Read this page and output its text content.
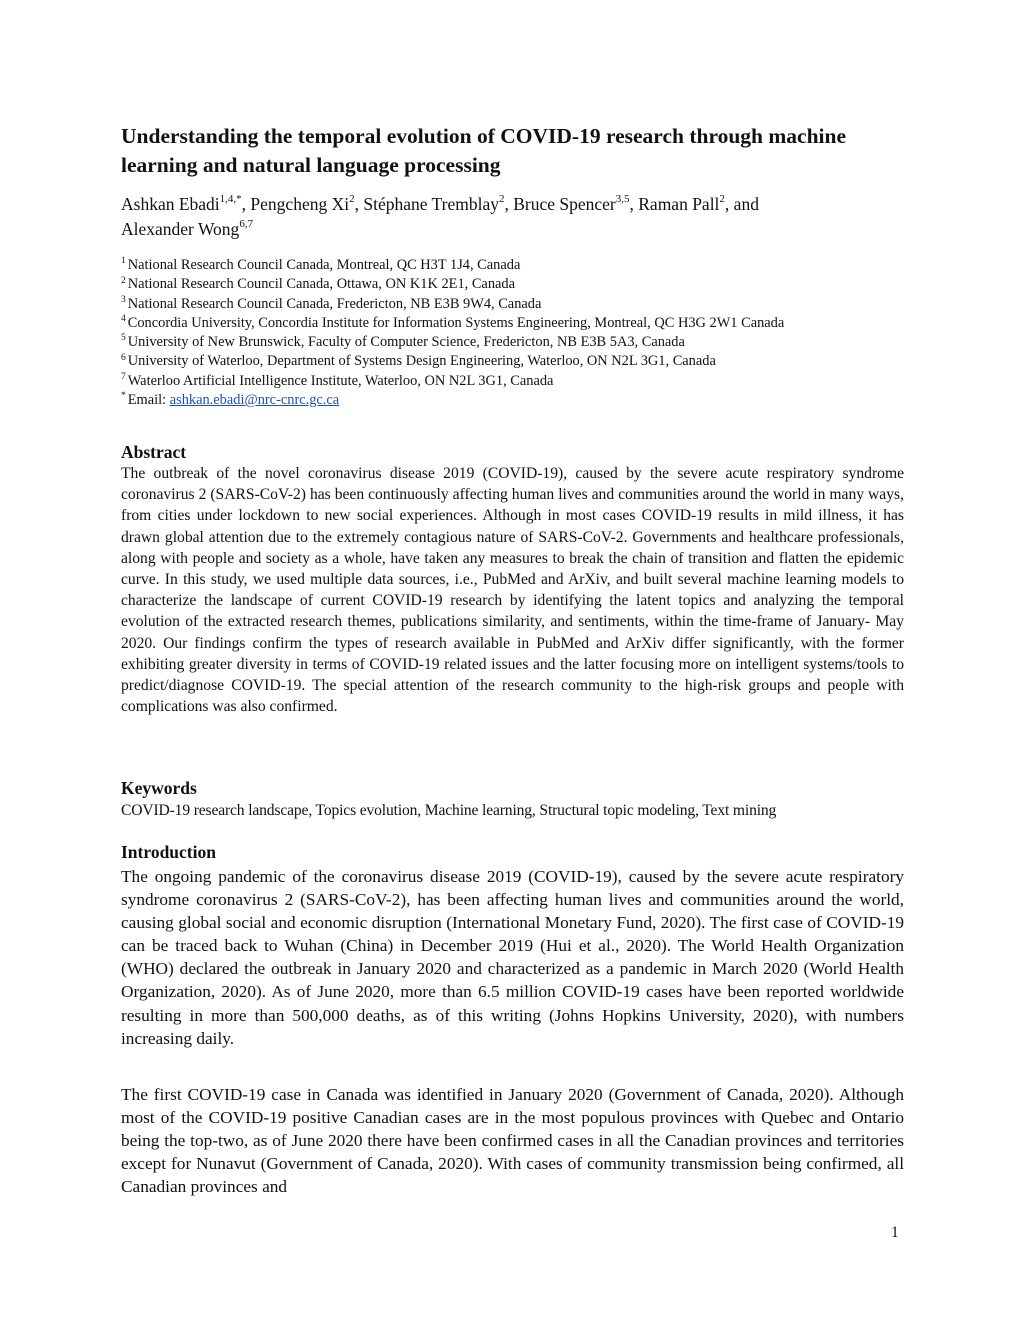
Understanding the temporal evolution of COVID-19 research through machine learning and natural language processing

Ashkan Ebadi$^{1,4,*}$, Pengcheng Xi$^2$, Stéphane Tremblay$^2$, Bruce Spencer$^{3,5}$, Raman Pall$^2$, and
Alexander Wong$^{6,7}$

$^1$ National Research Council Canada, Montreal, QC H3T 1J4, Canada
$^2$ National Research Council Canada, Ottawa, ON K1K 2E1, Canada
$^3$ National Research Council Canada, Fredericton, NB E3B 9W4, Canada
$^4$ Concordia University, Concordia Institute for Information Systems Engineering, Montreal, QC H3G 2W1 Canada
$^5$ University of New Brunswick, Faculty of Computer Science, Fredericton, NB E3B 5A3, Canada
$^6$ University of Waterloo, Department of Systems Design Engineering, Waterloo, ON N2L 3G1, Canada
$^7$ Waterloo Artificial Intelligence Institute, Waterloo, ON N2L 3G1, Canada
* Email: ashkan.ebadi@nrc-cnrc.gc.ca
Abstract

The outbreak of the novel coronavirus disease 2019 (COVID-19), caused by the severe acute respiratory syndrome coronavirus 2 (SARS-CoV-2) has been continuously affecting human lives and communities around the world in many ways, from cities under lockdown to new social experiences. Although in most cases COVID-19 results in mild illness, it has drawn global attention due to the extremely contagious nature of SARS-CoV-2. Governments and healthcare professionals, along with people and society as a whole, have taken any measures to break the chain of transition and flatten the epidemic curve. In this study, we used multiple data sources, i.e., PubMed and ArXiv, and built several machine learning models to characterize the landscape of current COVID-19 research by identifying the latent topics and analyzing the temporal evolution of the extracted research themes, publications similarity, and sentiments, within the time-frame of January- May 2020. Our findings confirm the types of research available in PubMed and ArXiv differ significantly, with the former exhibiting greater diversity in terms of COVID-19 related issues and the latter focusing more on intelligent systems/tools to predict/diagnose COVID-19. The special attention of the research community to the high-risk groups and people with complications was also confirmed.

Keywords

COVID-19 research landscape, Topics evolution, Machine learning, Structural topic modeling, Text mining

Introduction

The ongoing pandemic of the coronavirus disease 2019 (COVID-19), caused by the severe acute respiratory syndrome coronavirus 2 (SARS-CoV-2), has been affecting human lives and communities around the world, causing global social and economic disruption (International Monetary Fund, 2020). The first case of COVID-19 can be traced back to Wuhan (China) in December 2019 (Hui et al., 2020). The World Health Organization (WHO) declared the outbreak in January 2020 and characterized as a pandemic in March 2020 (World Health Organization, 2020). As of June 2020, more than 6.5 million COVID-19 cases have been reported worldwide resulting in more than 500,000 deaths, as of this writing (Johns Hopkins University, 2020), with numbers increasing daily.

The first COVID-19 case in Canada was identified in January 2020 (Government of Canada, 2020). Although most of the COVID-19 positive Canadian cases are in the most populous provinces with Quebec and Ontario being the top-two, as of June 2020 there have been confirmed cases in all the Canadian provinces and territories except for Nunavut (Government of Canada, 2020). With cases of community transmission being confirmed, all Canadian provinces and

1
